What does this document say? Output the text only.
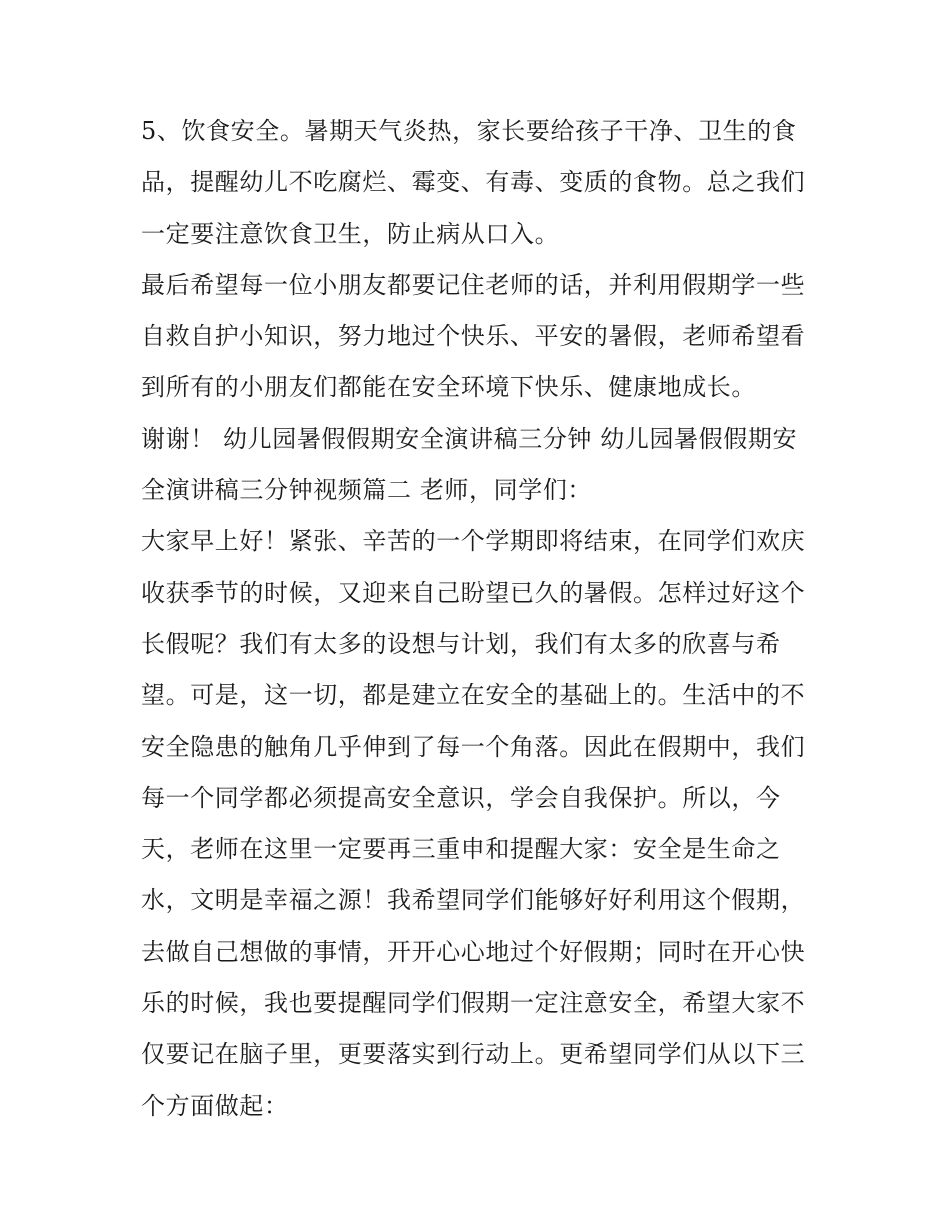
5、饮食安全。暑期天气炎热，家长要给孩子干净、卫生的食
品，提醒幼儿不吃腐烂、霉变、有毒、变质的食物。总之我们
一定要注意饮食卫生，防止病从口入。
最后希望每一位小朋友都要记住老师的话，并利用假期学一些
自救自护小知识，努力地过个快乐、平安的暑假，老师希望看
到所有的小朋友们都能在安全环境下快乐、健康地成长。
谢谢！ 幼儿园暑假假期安全演讲稿三分钟 幼儿园暑假假期安
全演讲稿三分钟视频篇二 老师，同学们：
大家早上好！紧张、辛苦的一个学期即将结束，在同学们欢庆
收获季节的时候，又迎来自己盼望已久的暑假。怎样过好这个
长假呢？我们有太多的设想与计划，我们有太多的欣喜与希
望。可是，这一切，都是建立在安全的基础上的。生活中的不
安全隐患的触角几乎伸到了每一个角落。因此在假期中，我们
每一个同学都必须提高安全意识，学会自我保护。所以，今
天，老师在这里一定要再三重申和提醒大家：安全是生命之
水，文明是幸福之源！我希望同学们能够好好利用这个假期，
去做自己想做的事情，开开心心地过个好假期；同时在开心快
乐的时候，我也要提醒同学们假期一定注意安全，希望大家不
仅要记在脑子里，更要落实到行动上。更希望同学们从以下三
个方面做起：
